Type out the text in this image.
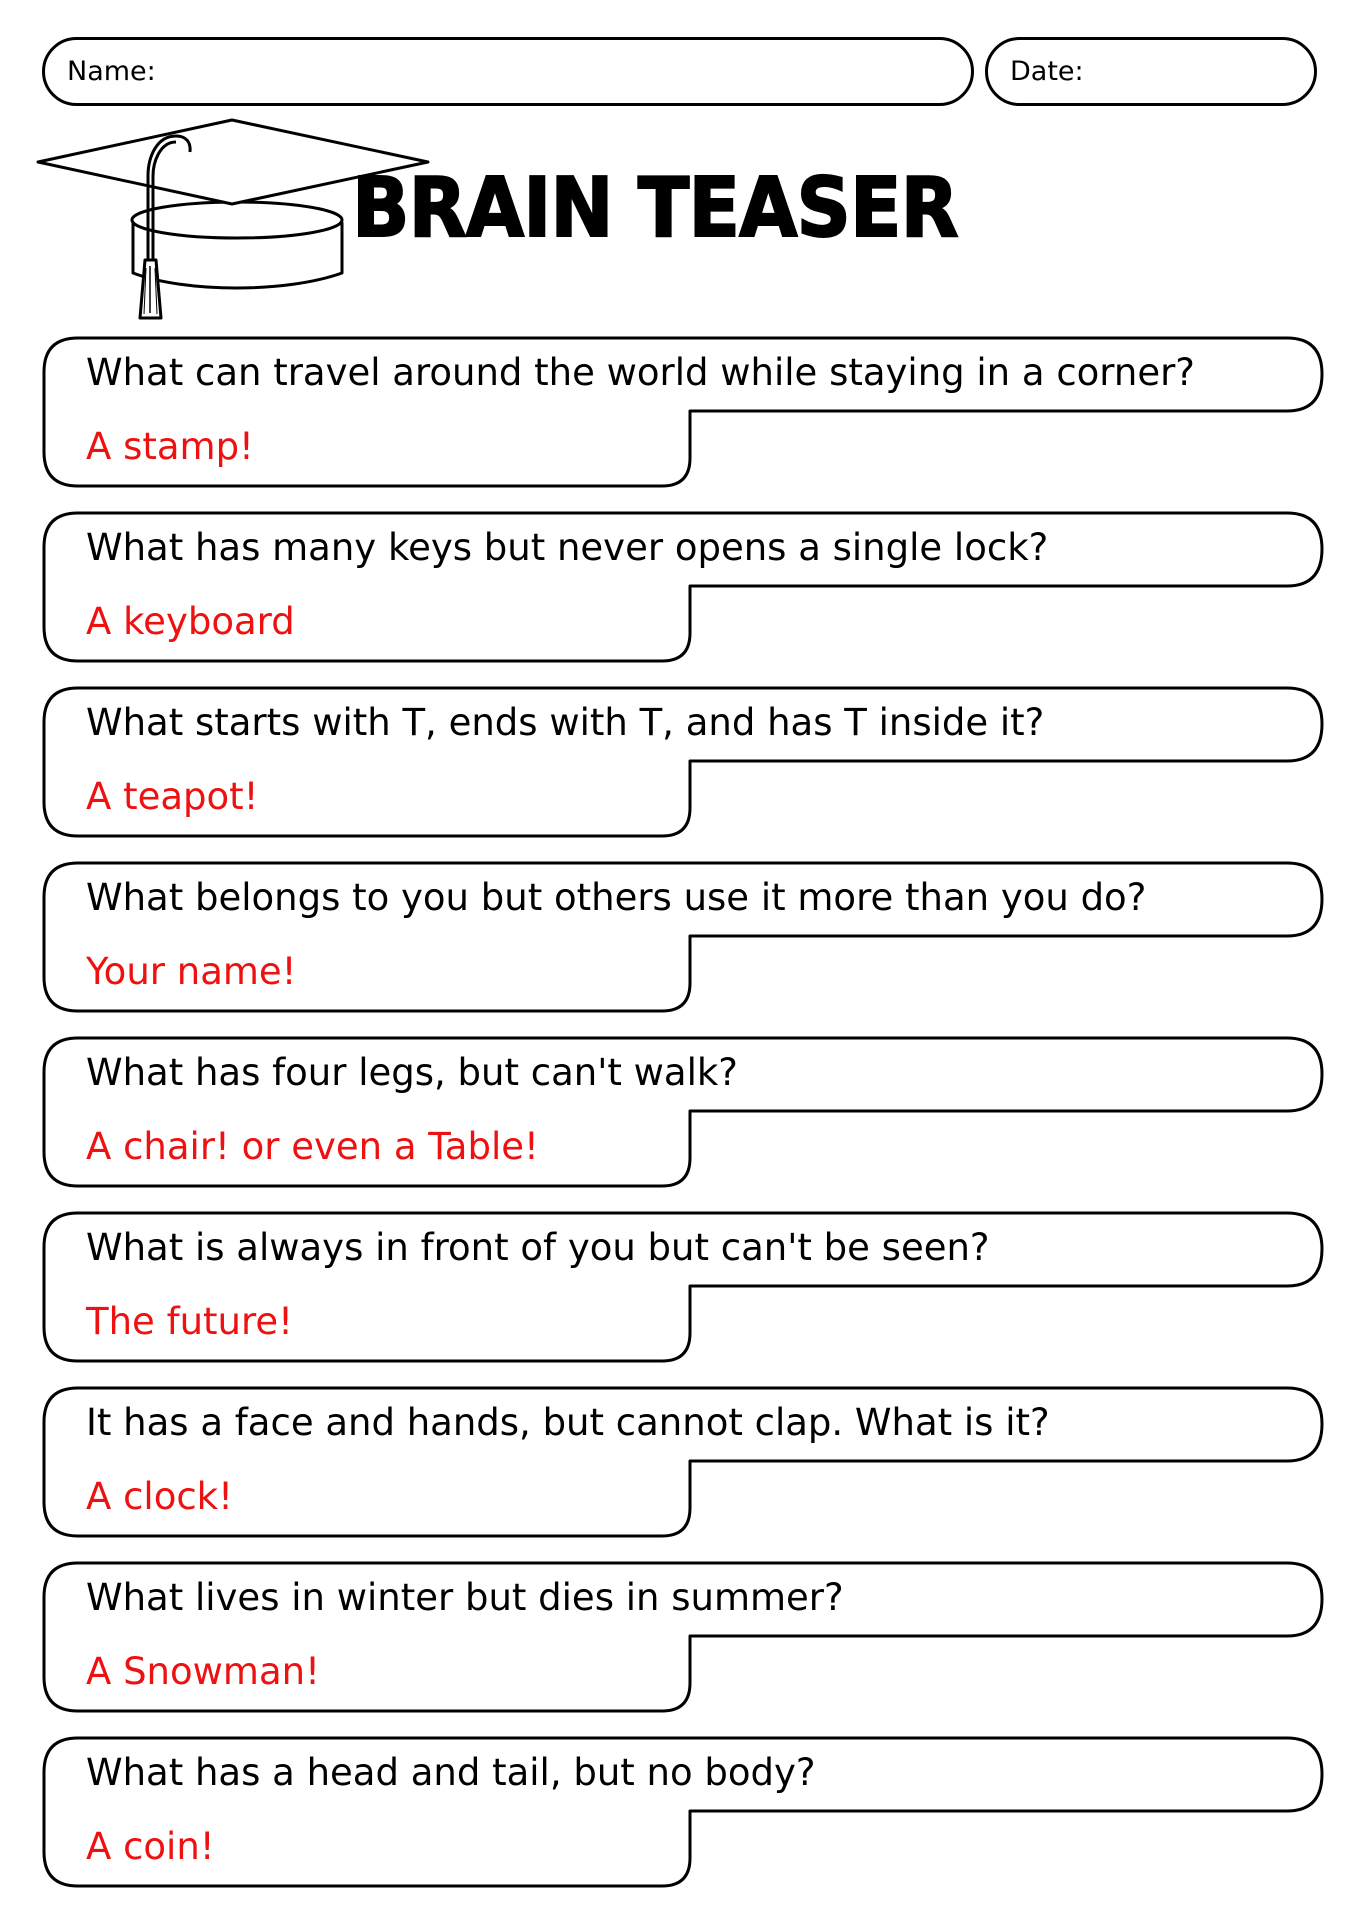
Name:	Date:
BRAIN TEASER
What can travel around the world while staying in a corner?
A stamp!
What has many keys but never opens a single lock?
A keyboard
What starts with T, ends with T, and has T inside it?
A teapot!
What belongs to you but others use it more than you do?
Your name!
What has four legs, but can't walk?
A chair! or even a Table!
What is always in front of you but can't be seen?
The future!
It has a face and hands, but cannot clap. What is it?
A clock!
What lives in winter but dies in summer?
A Snowman!
What has a head and tail, but no body?
A coin!
